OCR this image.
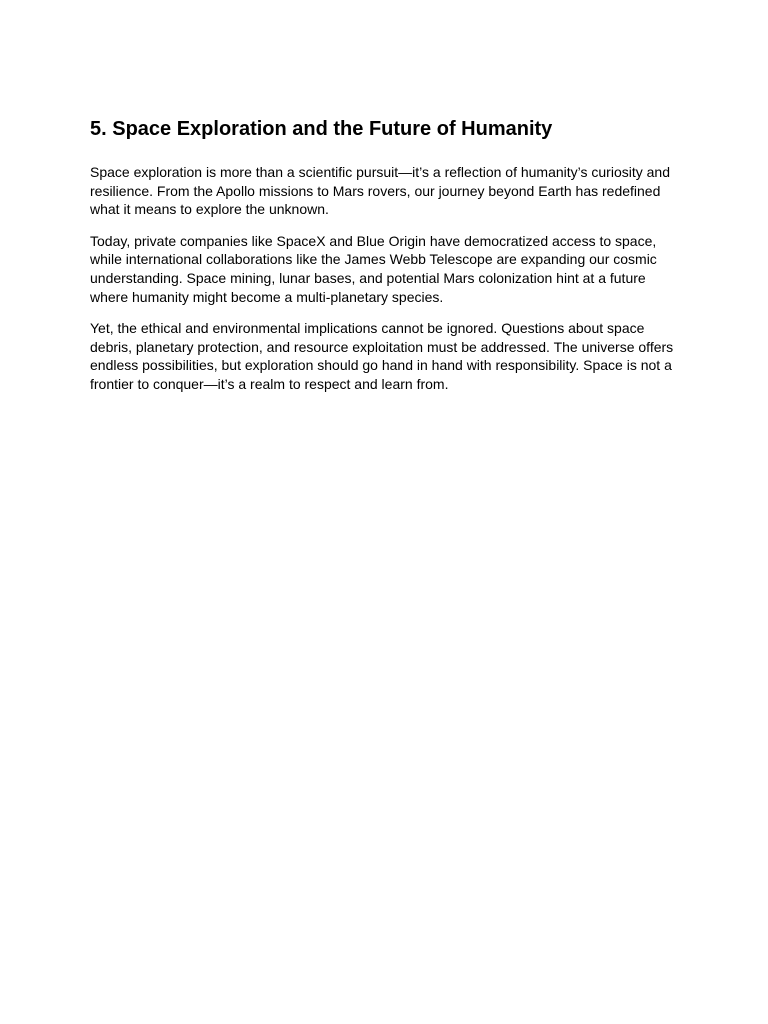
5. Space Exploration and the Future of Humanity

Space exploration is more than a scientific pursuit—it’s a reflection of humanity’s curiosity and resilience. From the Apollo missions to Mars rovers, our journey beyond Earth has redefined what it means to explore the unknown.

Today, private companies like SpaceX and Blue Origin have democratized access to space, while international collaborations like the James Webb Telescope are expanding our cosmic understanding. Space mining, lunar bases, and potential Mars colonization hint at a future where humanity might become a multi-planetary species.

Yet, the ethical and environmental implications cannot be ignored. Questions about space debris, planetary protection, and resource exploitation must be addressed. The universe offers endless possibilities, but exploration should go hand in hand with responsibility. Space is not a frontier to conquer—it’s a realm to respect and learn from.
